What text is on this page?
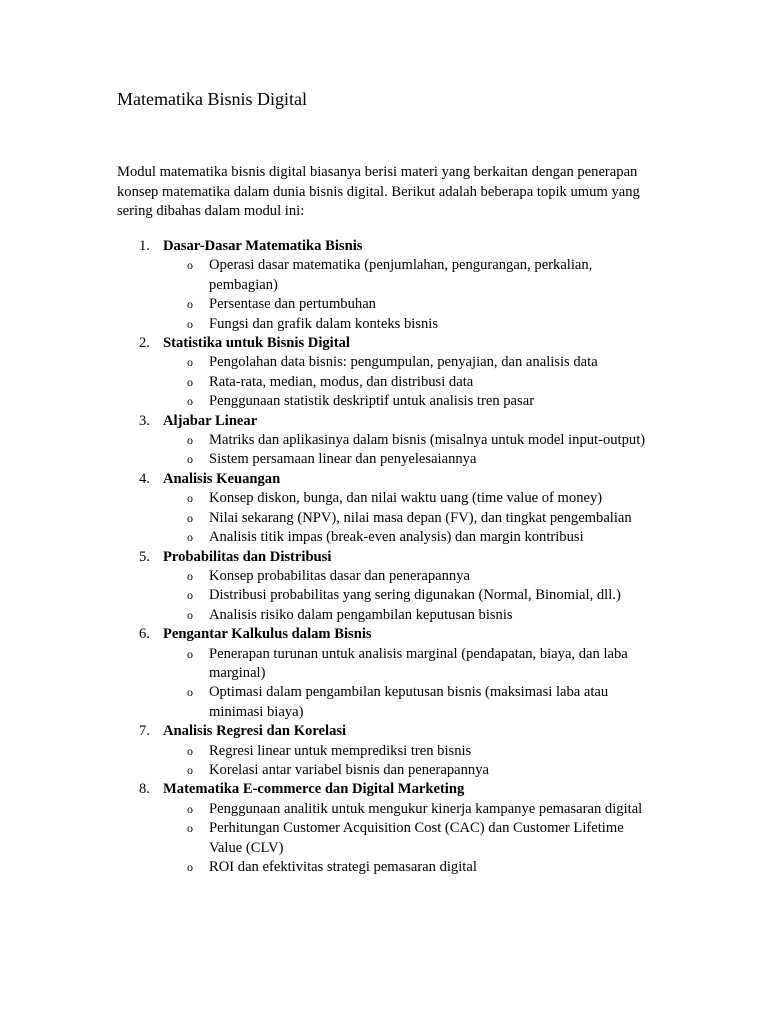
Matematika Bisnis Digital

Modul matematika bisnis digital biasanya berisi materi yang berkaitan dengan penerapan konsep matematika dalam dunia bisnis digital. Berikut adalah beberapa topik umum yang sering dibahas dalam modul ini:

1. Dasar-Dasar Matematika Bisnis
o Operasi dasar matematika (penjumlahan, pengurangan, perkalian, pembagian)
o Persentase dan pertumbuhan
o Fungsi dan grafik dalam konteks bisnis
2. Statistika untuk Bisnis Digital
o Pengolahan data bisnis: pengumpulan, penyajian, dan analisis data
o Rata-rata, median, modus, dan distribusi data
o Penggunaan statistik deskriptif untuk analisis tren pasar
3. Aljabar Linear
o Matriks dan aplikasinya dalam bisnis (misalnya untuk model input-output)
o Sistem persamaan linear dan penyelesaiannya
4. Analisis Keuangan
o Konsep diskon, bunga, dan nilai waktu uang (time value of money)
o Nilai sekarang (NPV), nilai masa depan (FV), dan tingkat pengembalian
o Analisis titik impas (break-even analysis) dan margin kontribusi
5. Probabilitas dan Distribusi
o Konsep probabilitas dasar dan penerapannya
o Distribusi probabilitas yang sering digunakan (Normal, Binomial, dll.)
o Analisis risiko dalam pengambilan keputusan bisnis
6. Pengantar Kalkulus dalam Bisnis
o Penerapan turunan untuk analisis marginal (pendapatan, biaya, dan laba marginal)
o Optimasi dalam pengambilan keputusan bisnis (maksimasi laba atau minimasi biaya)
7. Analisis Regresi dan Korelasi
o Regresi linear untuk memprediksi tren bisnis
o Korelasi antar variabel bisnis dan penerapannya
8. Matematika E-commerce dan Digital Marketing
o Penggunaan analitik untuk mengukur kinerja kampanye pemasaran digital
o Perhitungan Customer Acquisition Cost (CAC) dan Customer Lifetime Value (CLV)
o ROI dan efektivitas strategi pemasaran digital
